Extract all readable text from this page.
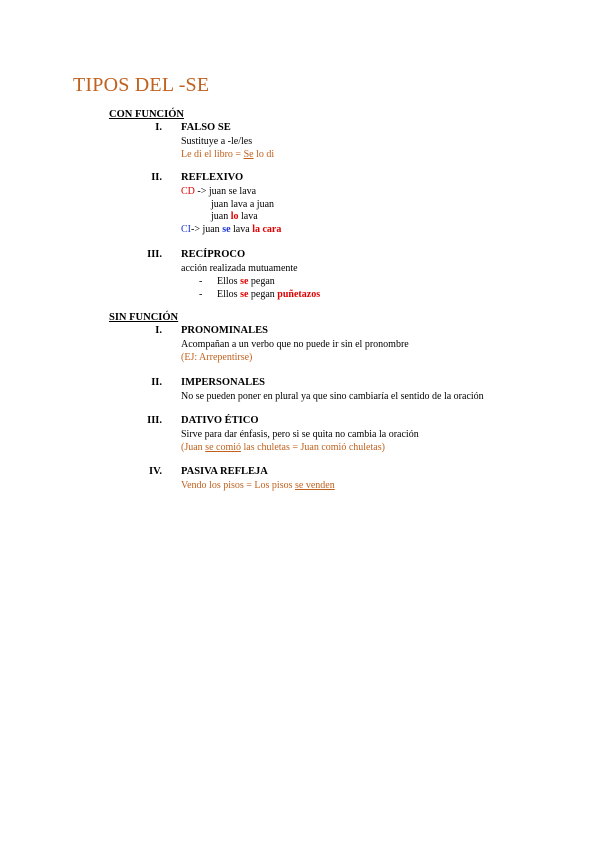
TIPOS DEL -SE
CON FUNCIÓN
I. FALSO SE
Sustituye a -le/les
Le di el libro = Se lo di
II. REFLEXIVO
CD -> juan se lava
juan lava a juan
juan lo lava
CI-> juan se lava la cara
III. RECÍPROCO
acción realizada mutuamente
- Ellos se pegan
- Ellos se pegan puñetazos
SIN FUNCIÓN
I. PRONOMINALES
Acompañan a un verbo que no puede ir sin el pronombre
(EJ: Arrepentirse)
II. IMPERSONALES
No se pueden poner en plural ya que sino cambiaría el sentido de la oración
III. DATIVO ÉTICO
Sirve para dar énfasis, pero si se quita no cambia la oración
(Juan se comió las chuletas = Juan comió chuletas)
IV. PASIVA REFLEJA
Vendo los pisos = Los pisos se venden
